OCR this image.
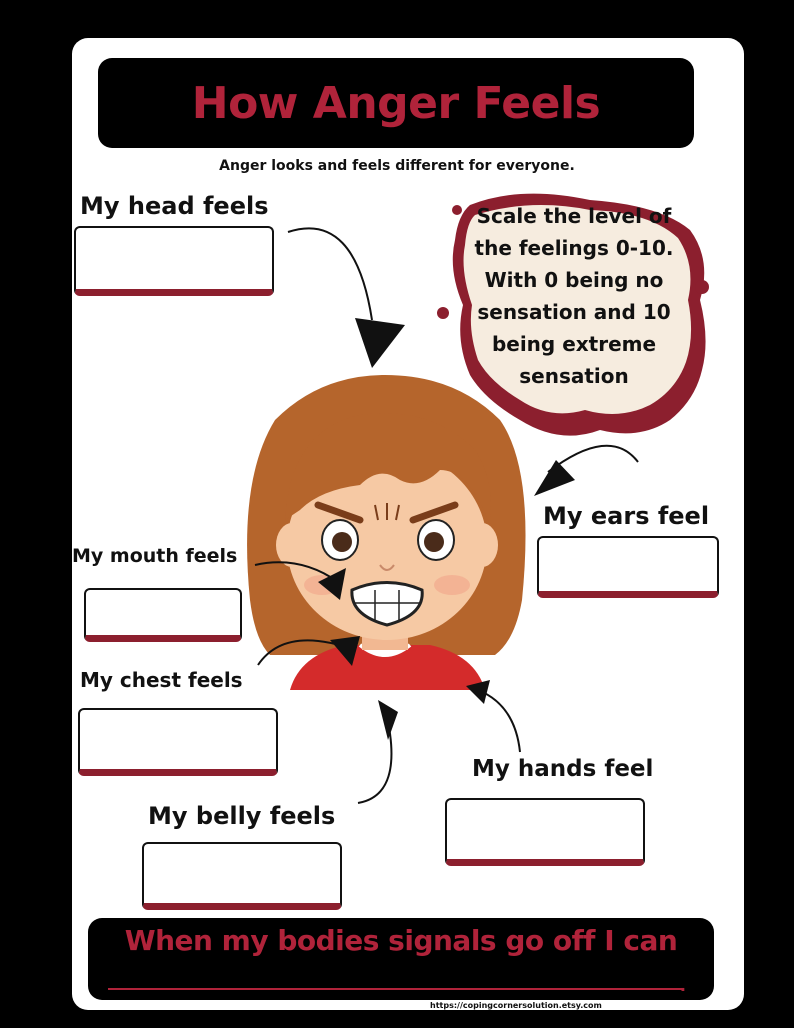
How Anger Feels
Anger looks and feels different for everyone.
Scale the level of the feelings 0-10. With 0 being no sensation and 10 being extreme sensation
My head feels
My ears feel
My mouth feels
My chest feels
My hands feel
My belly feels
When my bodies signals go off I can
.
https://copingcornersolution.etsy.com
